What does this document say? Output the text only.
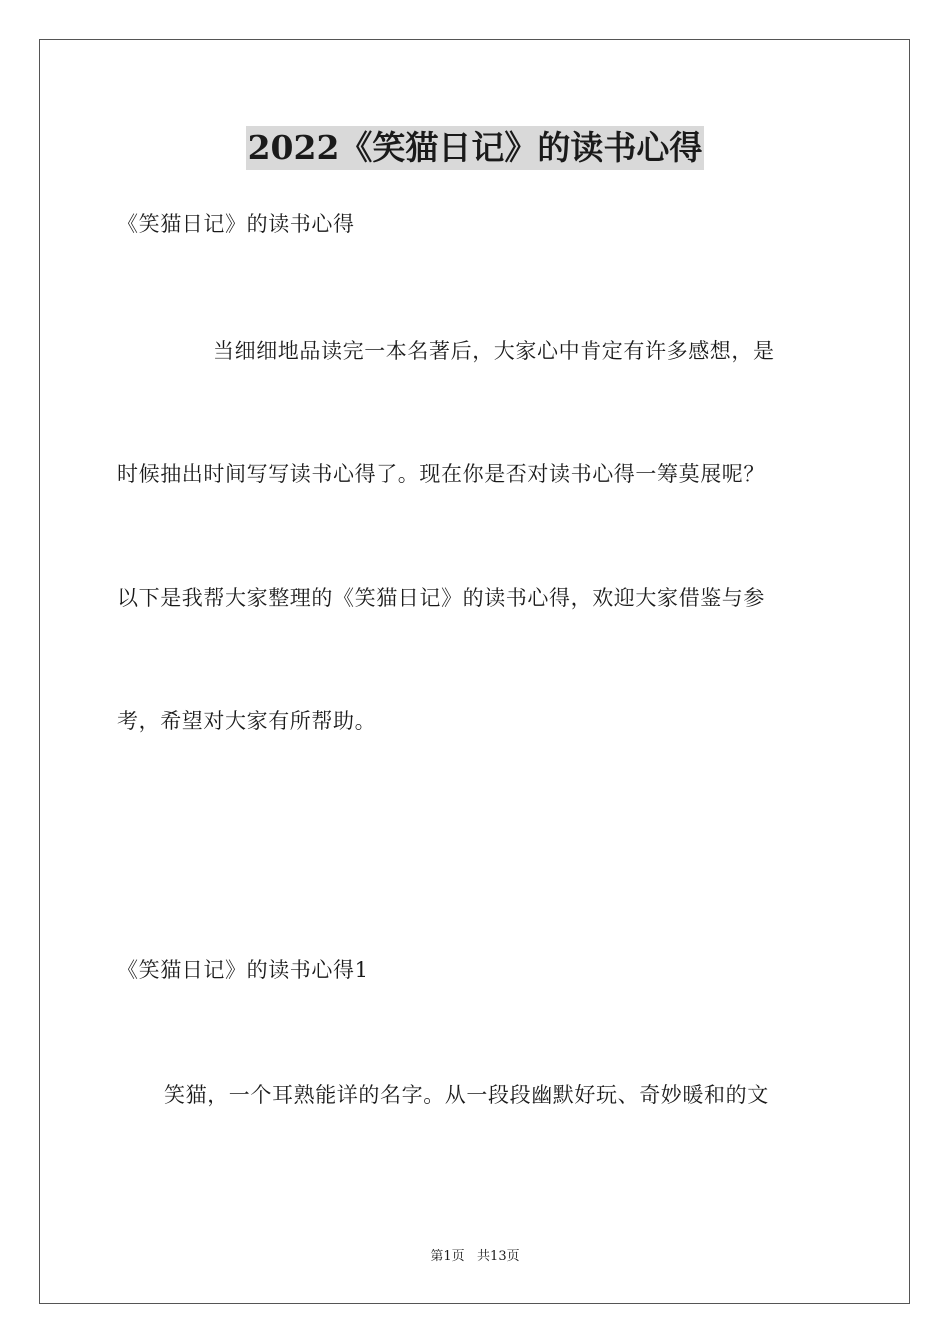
2022《笑猫日记》的读书心得
《笑猫日记》的读书心得
当细细地品读完一本名著后，大家心中肯定有许多感想，是
时候抽出时间写写读书心得了。现在你是否对读书心得一筹莫展呢？
以下是我帮大家整理的《笑猫日记》的读书心得，欢迎大家借鉴与参
考，希望对大家有所帮助。
《笑猫日记》的读书心得1
笑猫，一个耳熟能详的名字。从一段段幽默好玩、奇妙暖和的文
第1页   共13页
